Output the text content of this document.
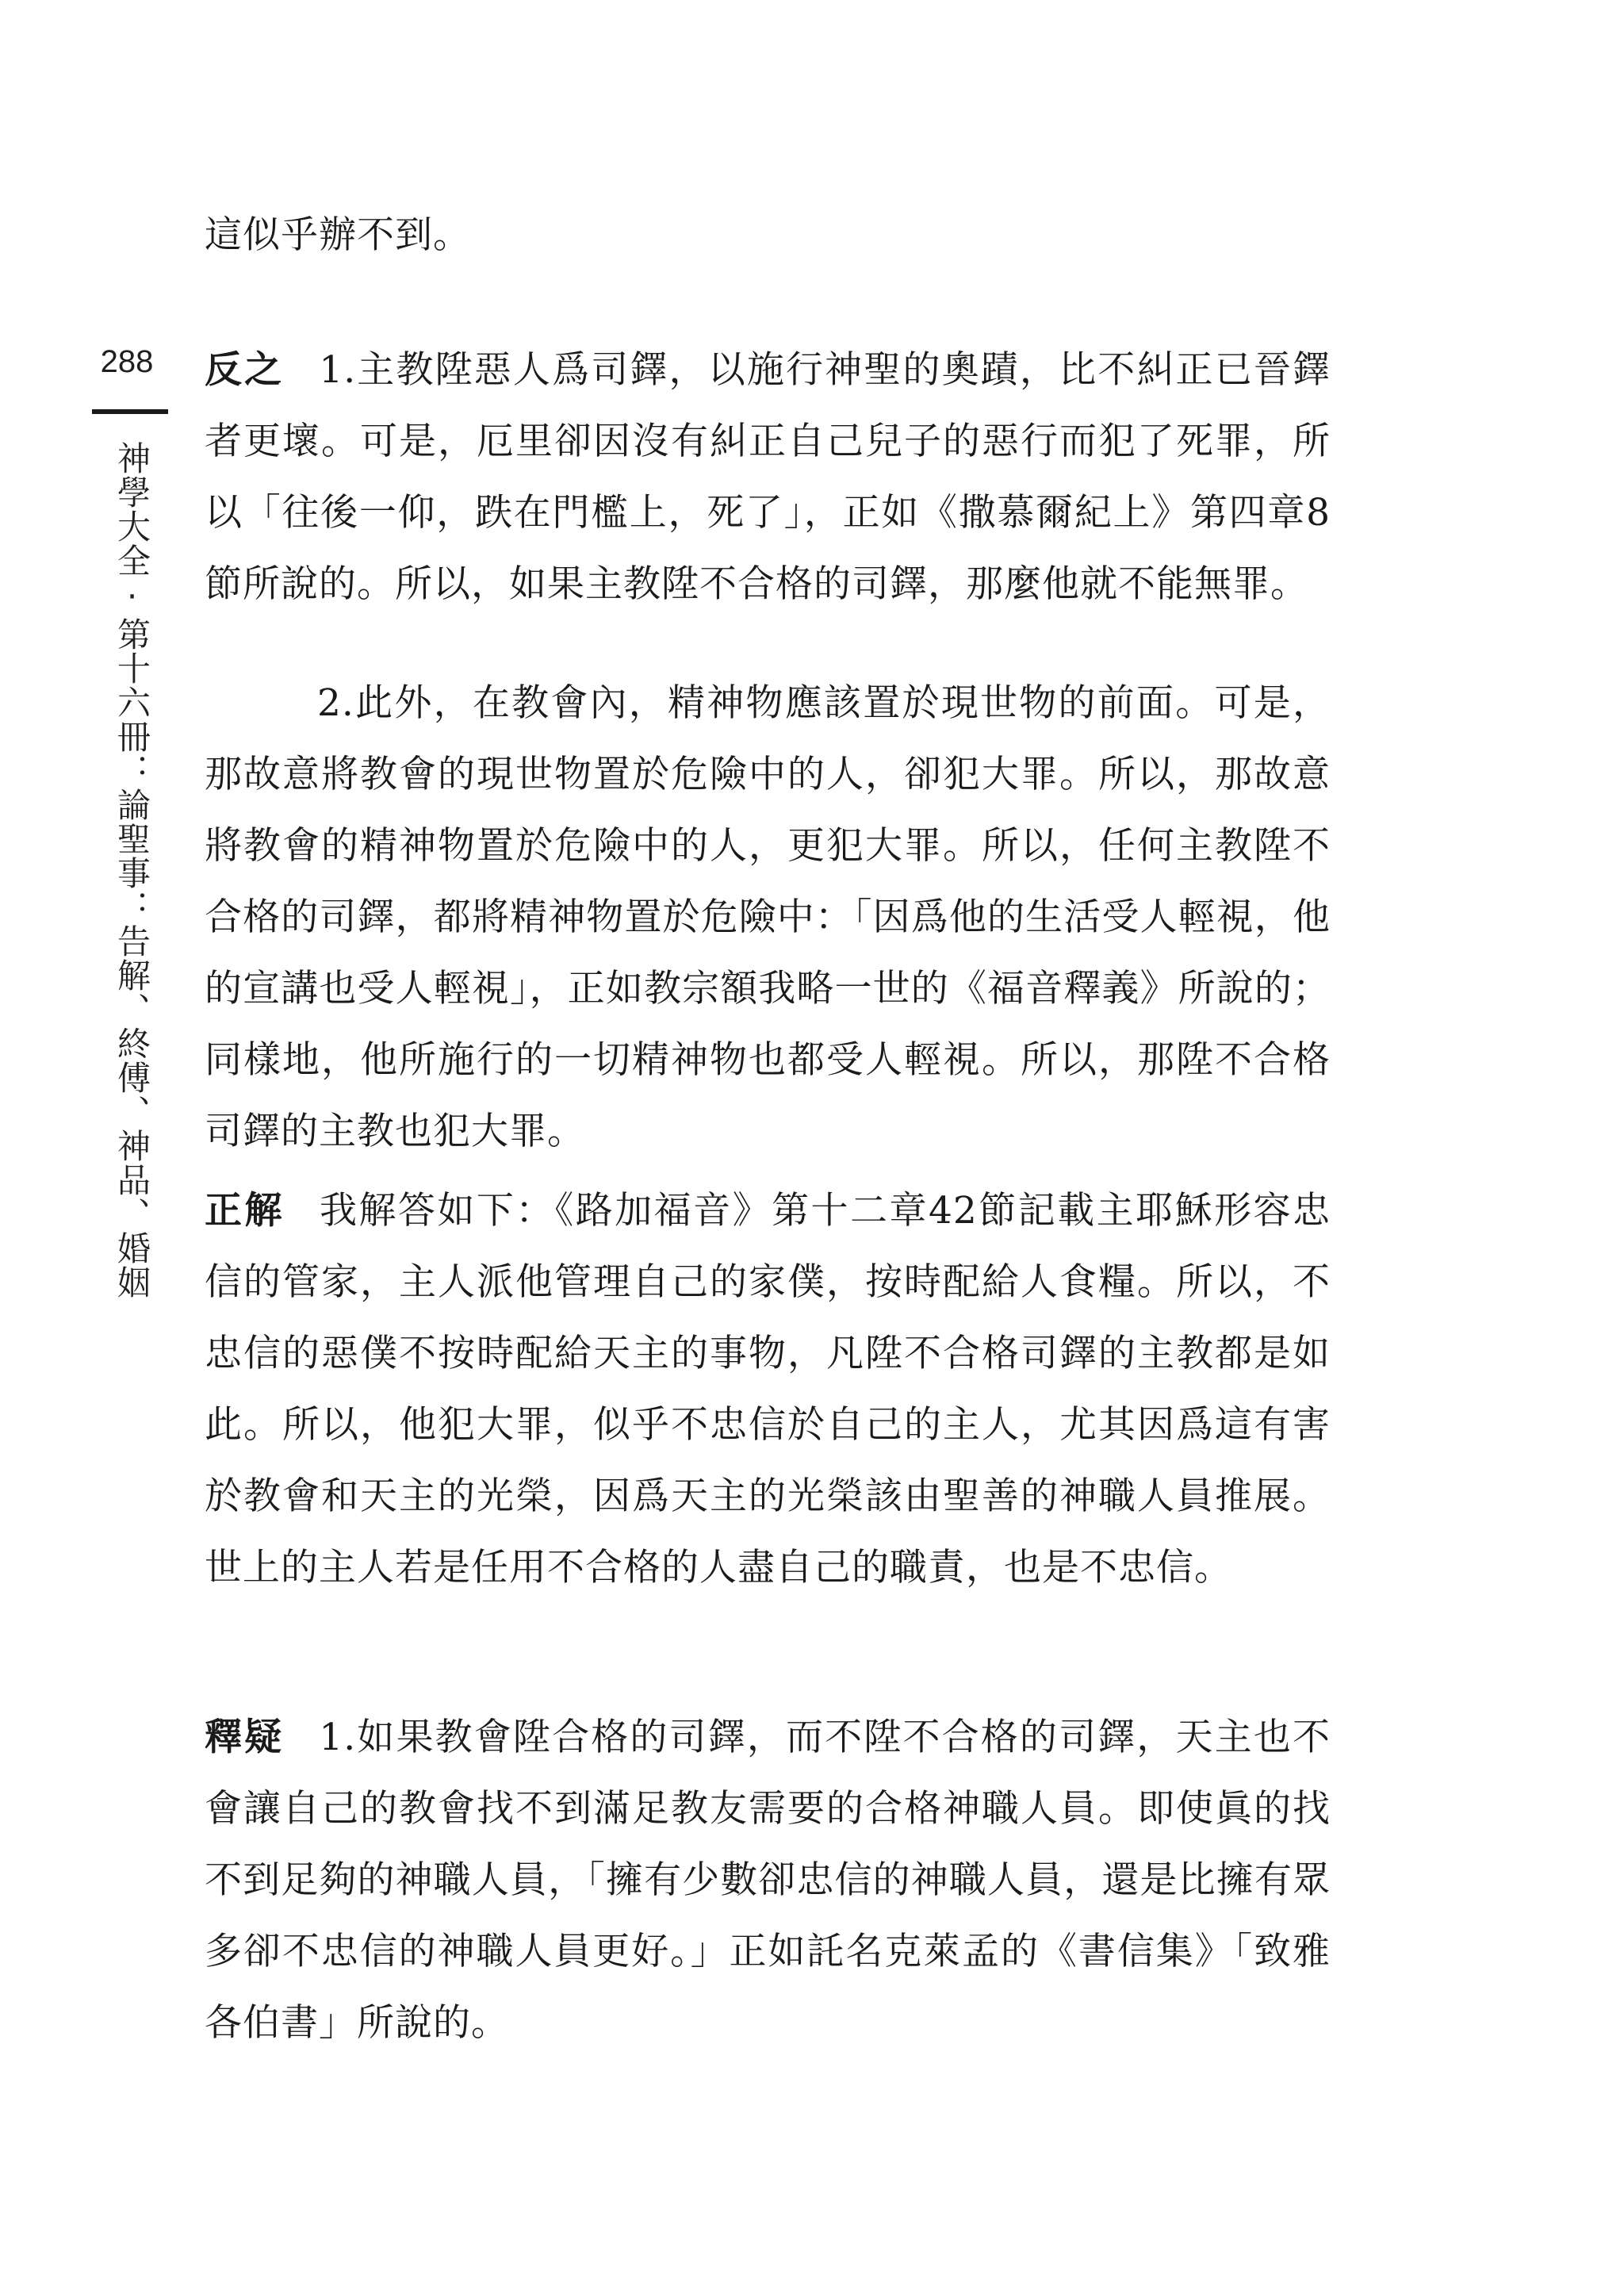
288
神學大全‧第十六冊：論聖事：告解、終傅、神品、婚姻

這似乎辦不到。

反之 1.主教陞惡人爲司鐸，以施行神聖的奧蹟，比不糾正已晉鐸者更壞。可是，厄里卻因沒有糾正自己兒子的惡行而犯了死罪，所以「往後一仰，跌在門檻上，死了」，正如《撒慕爾紀上》第四章8節所說的。所以，如果主教陞不合格的司鐸，那麼他就不能無罪。

2.此外，在教會內，精神物應該置於現世物的前面。可是，那故意將教會的現世物置於危險中的人，卻犯大罪。所以，那故意將教會的精神物置於危險中的人，更犯大罪。所以，任何主教陞不合格的司鐸，都將精神物置於危險中：「因爲他的生活受人輕視，他的宣講也受人輕視」，正如教宗額我略一世的《福音釋義》所說的；同樣地，他所施行的一切精神物也都受人輕視。所以，那陞不合格司鐸的主教也犯大罪。

正解 我解答如下：《路加福音》第十二章42節記載主耶穌形容忠信的管家，主人派他管理自己的家僕，按時配給人食糧。所以，不忠信的惡僕不按時配給天主的事物，凡陞不合格司鐸的主教都是如此。所以，他犯大罪，似乎不忠信於自己的主人，尤其因爲這有害於教會和天主的光榮，因爲天主的光榮該由聖善的神職人員推展。世上的主人若是任用不合格的人盡自己的職責，也是不忠信。

釋疑 1.如果教會陞合格的司鐸，而不陞不合格的司鐸，天主也不會讓自己的教會找不到滿足教友需要的合格神職人員。即使眞的找不到足夠的神職人員，「擁有少數卻忠信的神職人員，還是比擁有眾多卻不忠信的神職人員更好。」正如託名克萊孟的《書信集》「致雅各伯書」所說的。
